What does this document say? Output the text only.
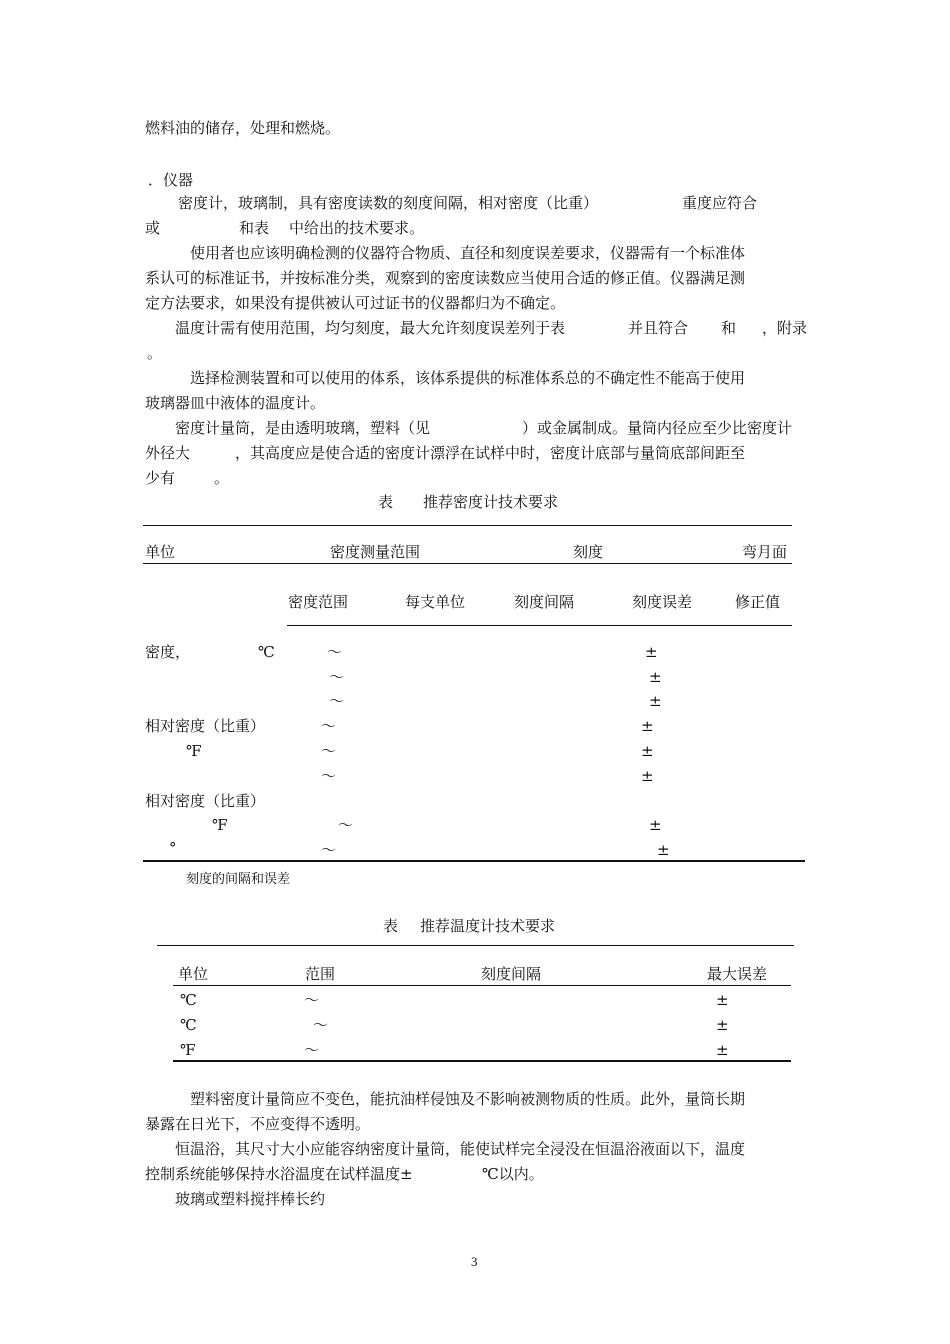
燃料油的储存，处理和燃烧。
．仪器
密度计，玻璃制，具有密度读数的刻度间隔，相对密度（比重）	重度应符合
或	和表 中给出的技术要求。
使用者也应该明确检测的仪器符合物质、直径和刻度误差要求，仪器需有一个标准体
系认可的标准证书，并按标准分类，观察到的密度读数应当使用合适的修正值。仪器满足测
定方法要求，如果没有提供被认可过证书的仪器都归为不确定。
温度计需有使用范围，均匀刻度，最大允许刻度误差列于表	并且符合 和 ，附录
。
选择检测装置和可以使用的体系，该体系提供的标准体系总的不确定性不能高于使用
玻璃器皿中液体的温度计。
密度计量筒，是由透明玻璃，塑料（见	）或金属制成。量筒内径应至少比密度计
外径大	，其高度应是使合适的密度计漂浮在试样中时，密度计底部与量筒底部间距至
少有	。
表 推荐密度计技术要求
单位	密度测量范围	刻度	弯月面
密度范围	每支单位	刻度间隔	刻度误差	修正值
密度，	℃	～	±
～	±
～	±
相对密度（比重）	～	±
℉	～	±
～	±
相对密度（比重）
℉	～	±
°	～	±
刻度的间隔和误差
表 推荐温度计技术要求
单位	范围	刻度间隔	最大误差
℃	～	±
℃	～	±
℉	～	±
塑料密度计量筒应不变色，能抗油样侵蚀及不影响被测物质的性质。此外，量筒长期
暴露在日光下，不应变得不透明。
恒温浴，其尺寸大小应能容纳密度计量筒，能使试样完全浸没在恒温浴液面以下，温度
控制系统能够保持水浴温度在试样温度±	℃以内。
玻璃或塑料搅拌棒长约
3
